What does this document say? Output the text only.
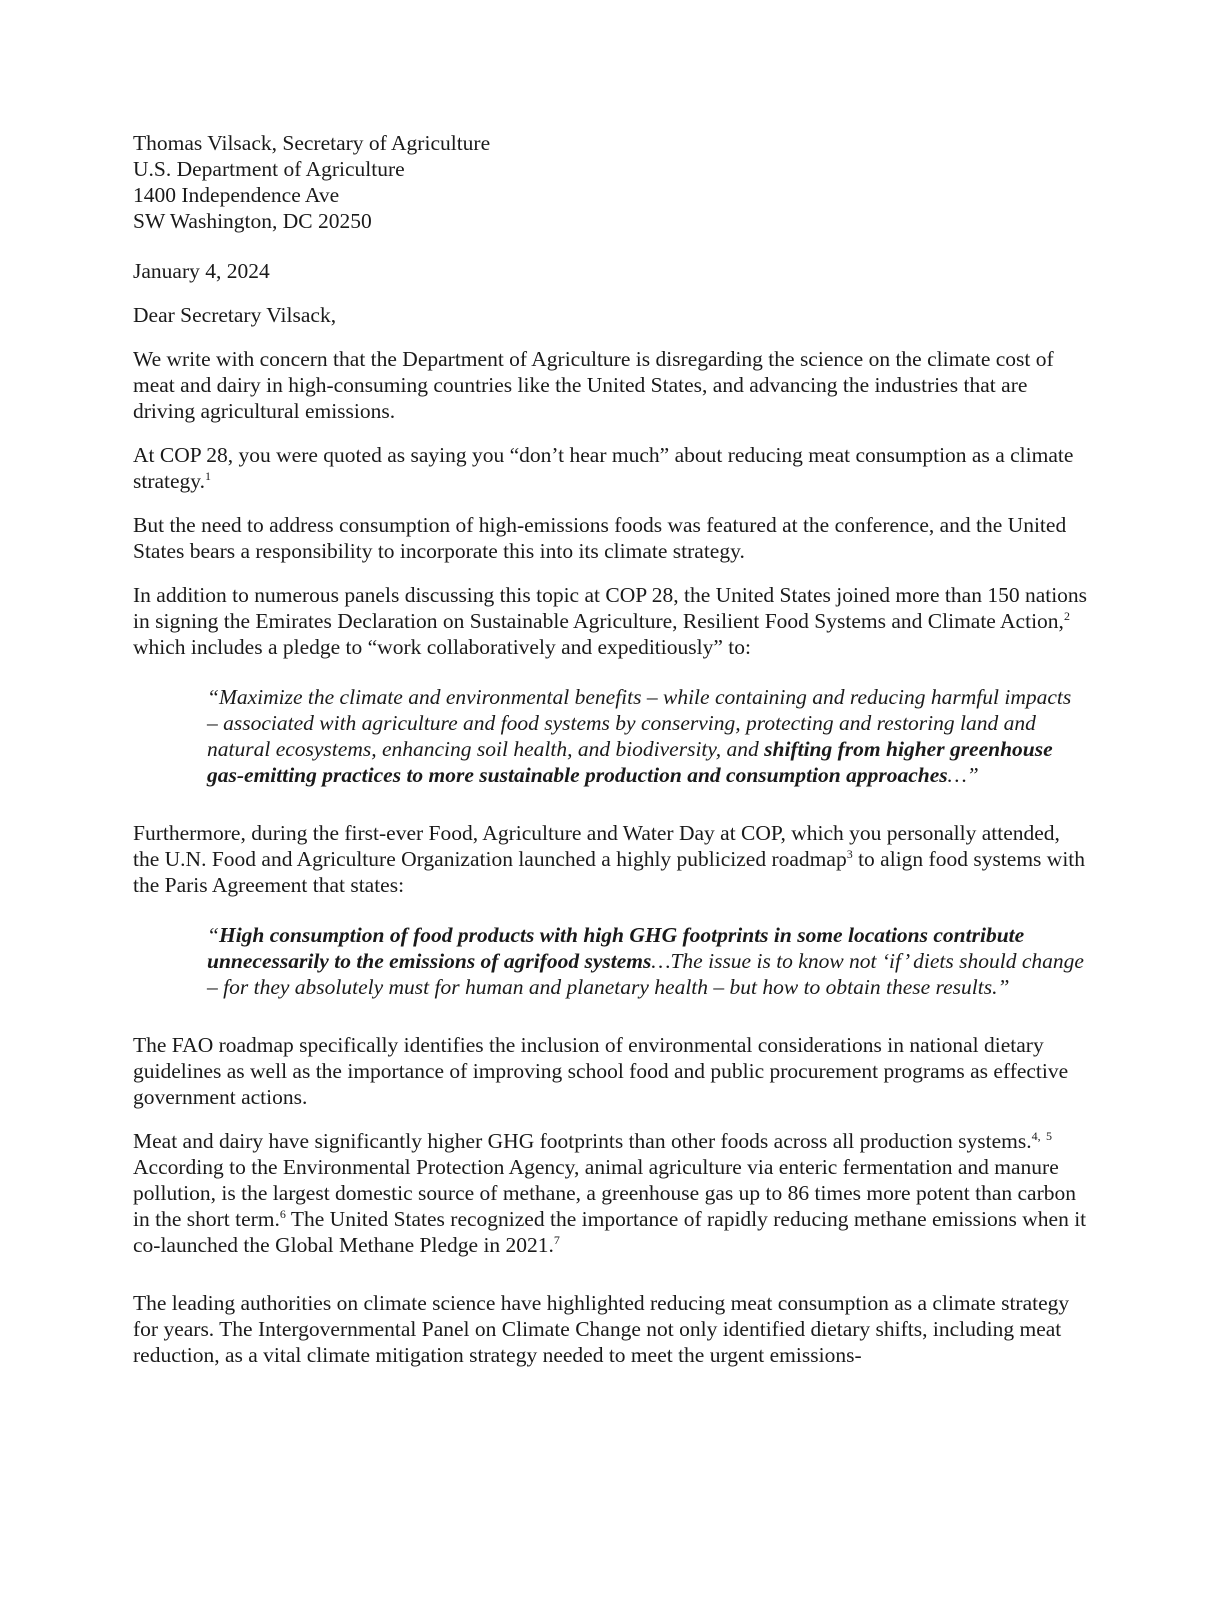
Thomas Vilsack, Secretary of Agriculture

U.S. Department of Agriculture

1400 Independence Ave

SW Washington, DC 20250

January 4, 2024

Dear Secretary Vilsack,

We write with concern that the Department of Agriculture is disregarding the science on the climate cost of meat and dairy in high-consuming countries like the United States, and advancing the industries that are driving agricultural emissions.

At COP 28, you were quoted as saying you “don’t hear much” about reducing meat consumption as a climate strategy.$^1$

But the need to address consumption of high-emissions foods was featured at the conference, and the United States bears a responsibility to incorporate this into its climate strategy.

In addition to numerous panels discussing this topic at COP 28, the United States joined more than 150 nations in signing the Emirates Declaration on Sustainable Agriculture, Resilient Food Systems and Climate Action,$^2$ which includes a pledge to “work collaboratively and expeditiously” to:

“Maximize the climate and environmental benefits – while containing and reducing harmful impacts – associated with agriculture and food systems by conserving, protecting and restoring land and natural ecosystems, enhancing soil health, and biodiversity, and shifting from higher greenhouse gas-emitting practices to more sustainable production and consumption approaches…”

Furthermore, during the first-ever Food, Agriculture and Water Day at COP, which you personally attended, the U.N. Food and Agriculture Organization launched a highly publicized roadmap$^3$ to align food systems with the Paris Agreement that states:

“High consumption of food products with high GHG footprints in some locations contribute unnecessarily to the emissions of agrifood systems…The issue is to know not ‘if’ diets should change – for they absolutely must for human and planetary health – but how to obtain these results.”

The FAO roadmap specifically identifies the inclusion of environmental considerations in national dietary guidelines as well as the importance of improving school food and public procurement programs as effective government actions.

Meat and dairy have significantly higher GHG footprints than other foods across all production systems.$^{4,}$ $^5$ According to the Environmental Protection Agency, animal agriculture via enteric fermentation and manure pollution, is the largest domestic source of methane, a greenhouse gas up to 86 times more potent than carbon in the short term.$^6$ The United States recognized the importance of rapidly reducing methane emissions when it co-launched the Global Methane Pledge in 2021.$^7$

The leading authorities on climate science have highlighted reducing meat consumption as a climate strategy for years. The Intergovernmental Panel on Climate Change not only identified dietary shifts, including meat reduction, as a vital climate mitigation strategy needed to meet the urgent emissions-
